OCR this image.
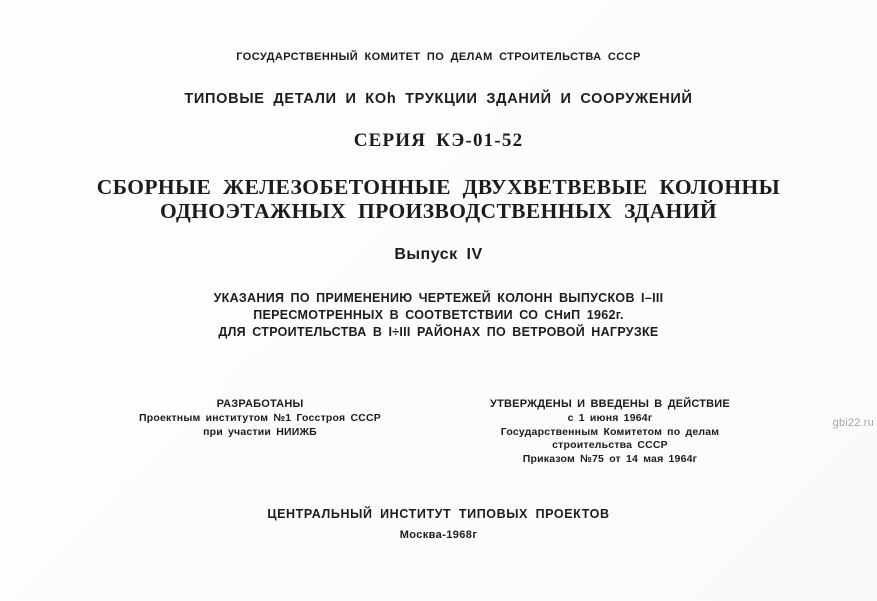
ГОСУДАРСТВЕННЫЙ КОМИТЕТ ПО ДЕЛАМ СТРОИТЕЛЬСТВА СССР
ТИПОВЫЕ ДЕТАЛИ И КОh ТРУКЦИИ ЗДАНИЙ И СООРУЖЕНИЙ
СЕРИЯ КЭ-01-52
СБОРНЫЕ ЖЕЛЕЗОБЕТОННЫЕ ДВУХВЕТВЕВЫЕ КОЛОННЫ
ОДНОЭТАЖНЫХ ПРОИЗВОДСТВЕННЫХ ЗДАНИЙ
Выпуск IV
УКАЗАНИЯ ПО ПРИМЕНЕНИЮ ЧЕРТЕЖЕЙ КОЛОНН ВЫПУСКОВ I–III
ПЕРЕСМОТРЕННЫХ В СООТВЕТСТВИИ СО СНиП 1962г.
ДЛЯ СТРОИТЕЛЬСТВА В I÷III РАЙОНАХ ПО ВЕТРОВОЙ НАГРУЗКЕ
РАЗРАБОТАНЫ
Проектным институтом №1 Госстроя СССР
при участии НИИЖБ
УТВЕРЖДЕНЫ И ВВЕДЕНЫ В ДЕЙСТВИЕ
с 1 июня 1964г
Государственным Комитетом по делам
строительства СССР
Приказом №75 от 14 мая 1964г
ЦЕНТРАЛЬНЫЙ ИНСТИТУТ ТИПОВЫХ ПРОЕКТОВ
Москва-1968г
gbi22.ru
